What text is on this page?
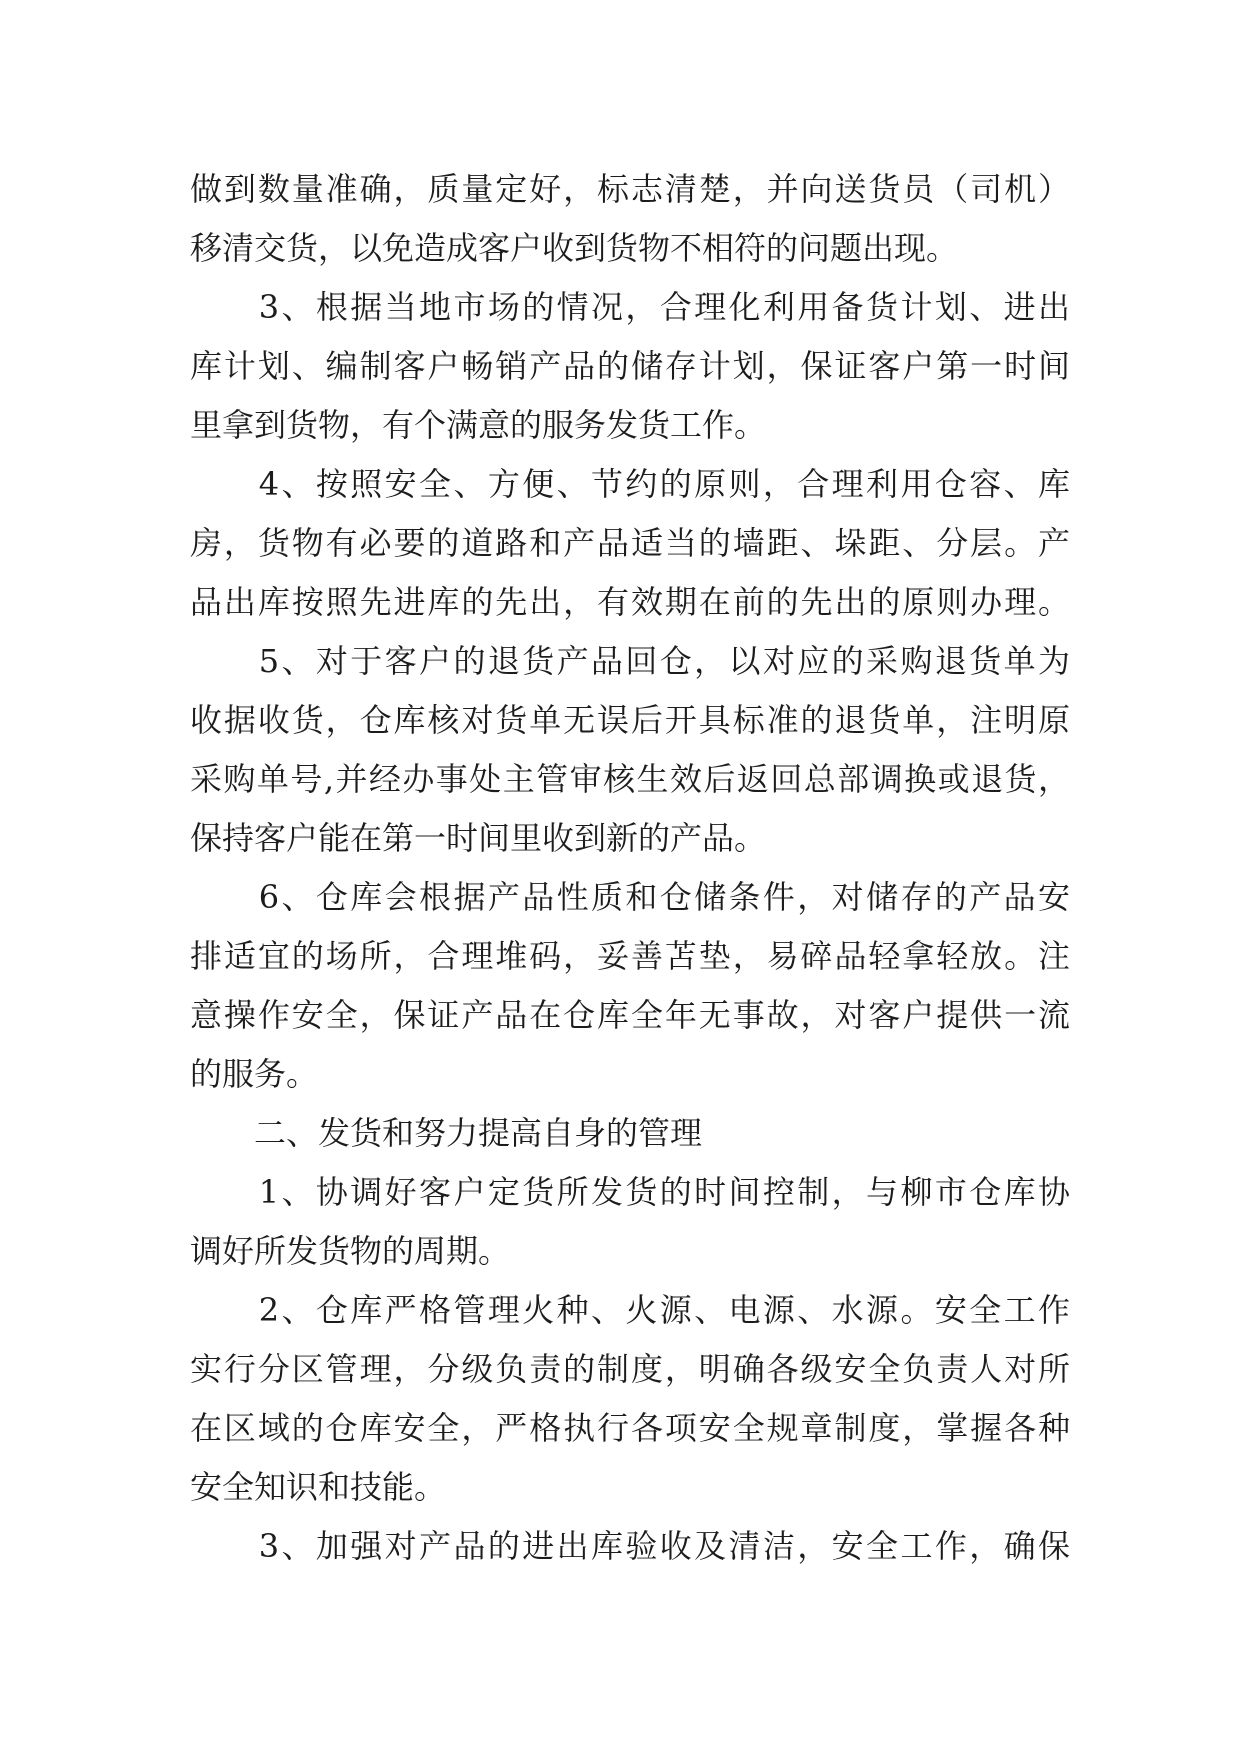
做到数量准确，质量定好，标志清楚，并向送货员（司机）
移清交货，以免造成客户收到货物不相符的问题出现。
　　3、根据当地市场的情况，合理化利用备货计划、进出
库计划、编制客户畅销产品的储存计划，保证客户第一时间
里拿到货物，有个满意的服务发货工作。
　　4、按照安全、方便、节约的原则，合理利用仓容、库
房，货物有必要的道路和产品适当的墙距、垛距、分层。产
品出库按照先进库的先出，有效期在前的先出的原则办理。
　　5、对于客户的退货产品回仓，以对应的采购退货单为
收据收货，仓库核对货单无误后开具标准的退货单，注明原
采购单号,并经办事处主管审核生效后返回总部调换或退货，
保持客户能在第一时间里收到新的产品。
　　6、仓库会根据产品性质和仓储条件，对储存的产品安
排适宜的场所，合理堆码，妥善苫垫，易碎品轻拿轻放。注
意操作安全，保证产品在仓库全年无事故，对客户提供一流
的服务。
　　二、发货和努力提高自身的管理
　　1、协调好客户定货所发货的时间控制，与柳市仓库协
调好所发货物的周期。
　　2、仓库严格管理火种、火源、电源、水源。安全工作
实行分区管理，分级负责的制度，明确各级安全负责人对所
在区域的仓库安全，严格执行各项安全规章制度，掌握各种
安全知识和技能。
　　3、加强对产品的进出库验收及清洁，安全工作，确保
